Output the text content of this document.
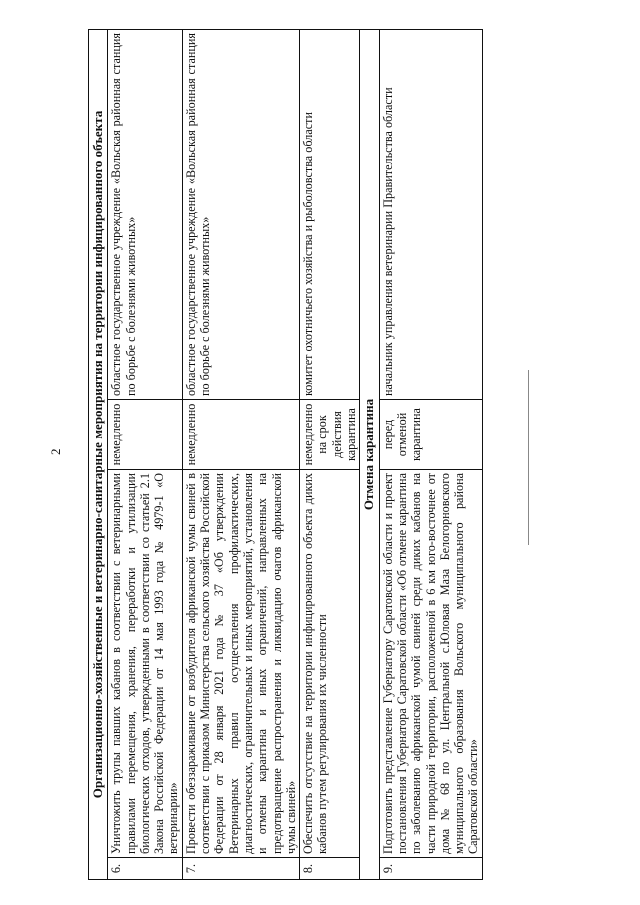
2 Организационно-хозяйственные и ветеринарно-санитарные мероприятия на территории инфицированного объекта			
6.	Уничтожить трупы павших кабанов в соответствии с ветеринарными правилами перемещения, хранения, переработки и утилизации биологических отходов, утвержденными в соответствии со статьей 2.1 Закона Российской Федерации от 14 мая 1993 года № 4979-1 «О ветеринарии»	немедленно	областное государственное учреждение «Вольская районная станция по борьбе с болезнями животных»
7.	Провести обеззараживание от возбудителя африканской чумы свиней в соответствии с приказом Министерства сельского хозяйства Российской Федерации от 28 января 2021 года № 37 «Об утверждении Ветеринарных правил осуществления профилактических, диагностических, ограничительных и иных мероприятий, установления и отмены карантина и иных ограничений, направленных на предотвращение распространения и ликвидацию очагов африканской чумы свиней»	немедленно	областное государственное учреждение «Вольская районная станция по борьбе с болезнями животных»
8.	Обеспечить отсутствие на территории инфицированного объекта диких кабанов путем регулирования их численности	немедленно на срок действия карантина	комитет охотничьего хозяйства и рыболовства области
Отмена карантина			
9.	Подготовить представление Губернатору Саратовской области и проект постановления Губернатора Саратовской области «Об отмене карантина по заболеванию африканской чумой свиней среди диких кабанов на части природной территории, расположенной в 6 км юго-восточнее от дома № 68 по ул. Центральной с.Юловая Маза Белогорновского муниципального образования Вольского муниципального района Саратовской области»	перед отменой карантина	начальник управления ветеринарии Правительства области
